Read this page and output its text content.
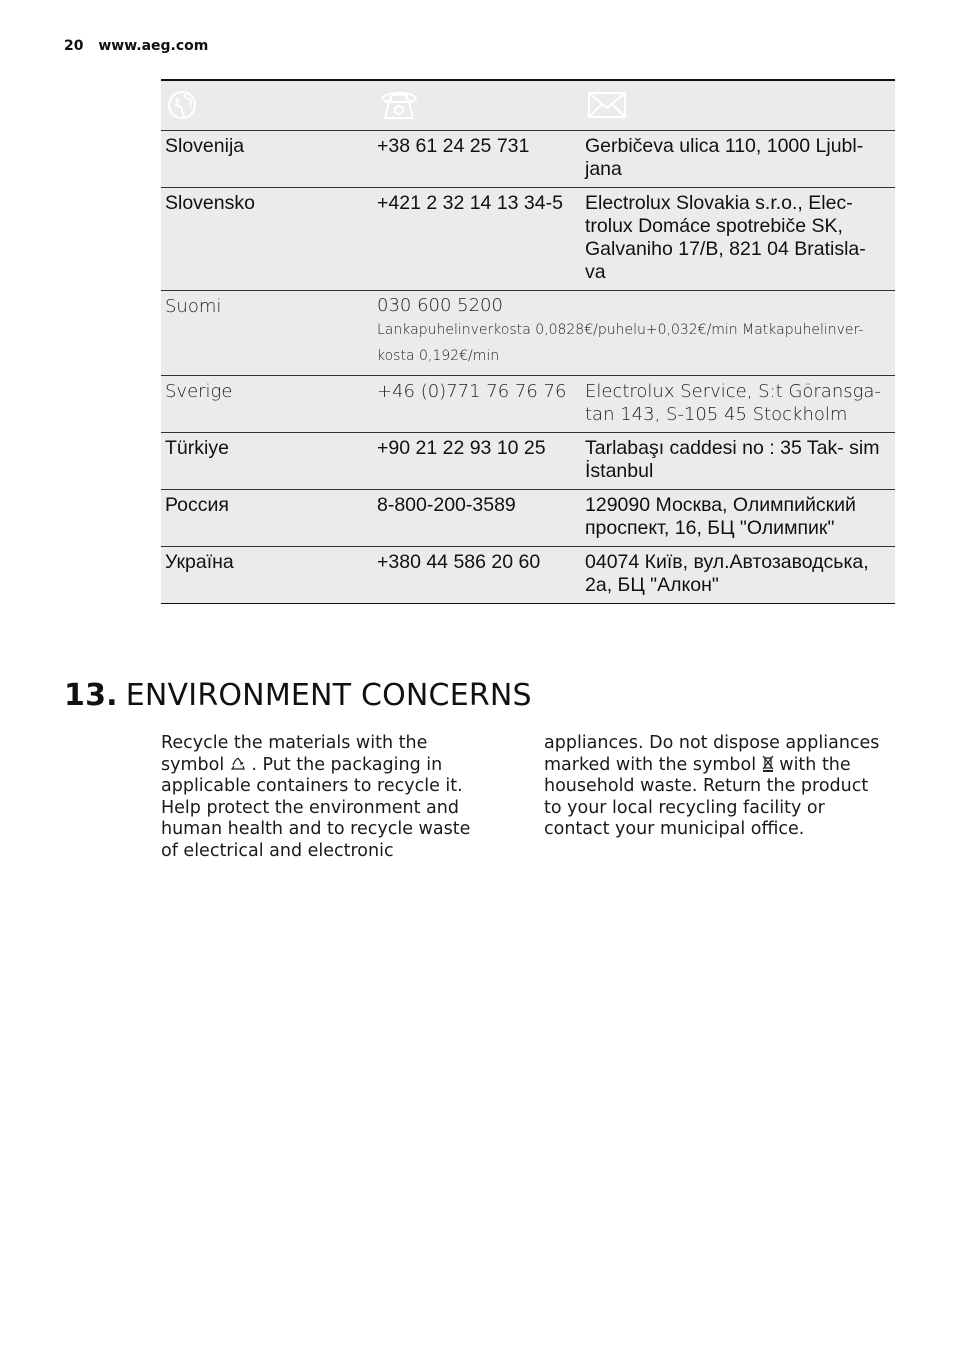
20 www.aeg.com

Slovenija	+38 61 24 25 731	Gerbičeva ulica 110, 1000 Ljubl- jana
Slovensko	+421 2 32 14 13 34-5	Electrolux Slovakia s.r.o., Elec- trolux Domáce spotrebiče SK, Galvaniho 17/B, 821 04 Bratisla- va
Suomi	030 600 5200
Lankapuhelinverkosta 0,0828€/puhelu+0,032€/min Matkapuhelinver- kosta 0,192€/min	

Sverige	+46 (0)771 76 76 76	Electrolux Service, S:t Göransga- tan 143, S-105 45 Stockholm
Türkiye	+90 21 22 93 10 25	Tarlabaşı caddesi no : 35 Tak- sim İstanbul
Россия	8-800-200-3589	129090 Москва, Олимпийский проспект, 16, БЦ "Олимпик"
Україна	+380 44 586 20 60	04074 Київ, вул.Автозаводська, 2а, БЦ "Алкон"
13. ENVIRONMENT CONCERNS
Recycle the materials with the symbol . Put the packaging in applicable containers to recycle it. Help protect the environment and human health and to recycle waste of electrical and electronic
appliances. Do not dispose appliances marked with the symbol with the household waste. Return the product to your local recycling facility or contact your municipal office.
